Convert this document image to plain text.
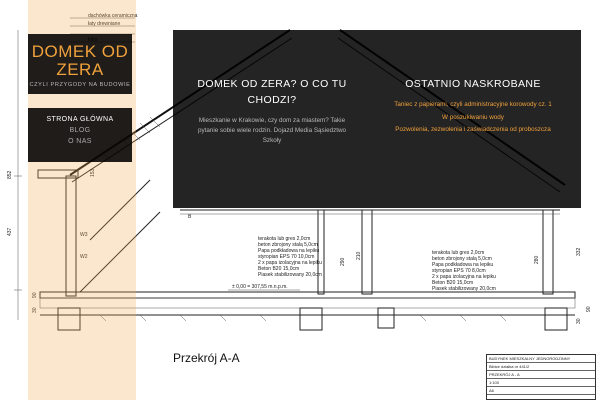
dachówka ceramiczna
łaty drewniane
852
437
153
W3
W2	210
290	280
332
30
90
30
90
B
± 0,00 = 307,55 m.n.p.m.
terakota lub gres 2,0cm
beton zbrojony stalą 5,0cm
Papa podkładowa na lepiku
styropian EPS 70 10,0cm
2 x papa izolacyjna na lepiku
Beton B20 15,0cm
Piasek stabilizowany 20,0cm
terakota lub gres 2,0cm
beton zbrojony stalą 5,0cm
Papa podkładowa na lepiku
styropian EPS 70 8,0cm
2 x papa izolacyjna na lepiku
Beton B20 15,0cm
Piasek stabilizowany 20,0cm
DOMEK OD
ZERA
CZYLI PRZYGODY NA BUDOWIE
STRONA GŁÓWNA
BLOG
O NAS
DOMEK OD ZERA? O CO TU CHODZI?

Mieszkanie w Krakowie, czy dom za miastem? Takie pytanie sobie wiele rodzin. Dojazd Media Sąsiedztwo Szkoły

OSTATNIO NASKROBANE
Taniec z papierami, czyli administracyjne korowody cz. 1
W poszukiwaniu wody
Pozwolenia, zezwolenia i zaświadczenia od proboszcza
Przekrój A-A	BUDYNEK MIESZKALNY JEDNORODZINNY
Bibice działka nr 441/2
PRZEKRÓJ A - A
1:100
A6
